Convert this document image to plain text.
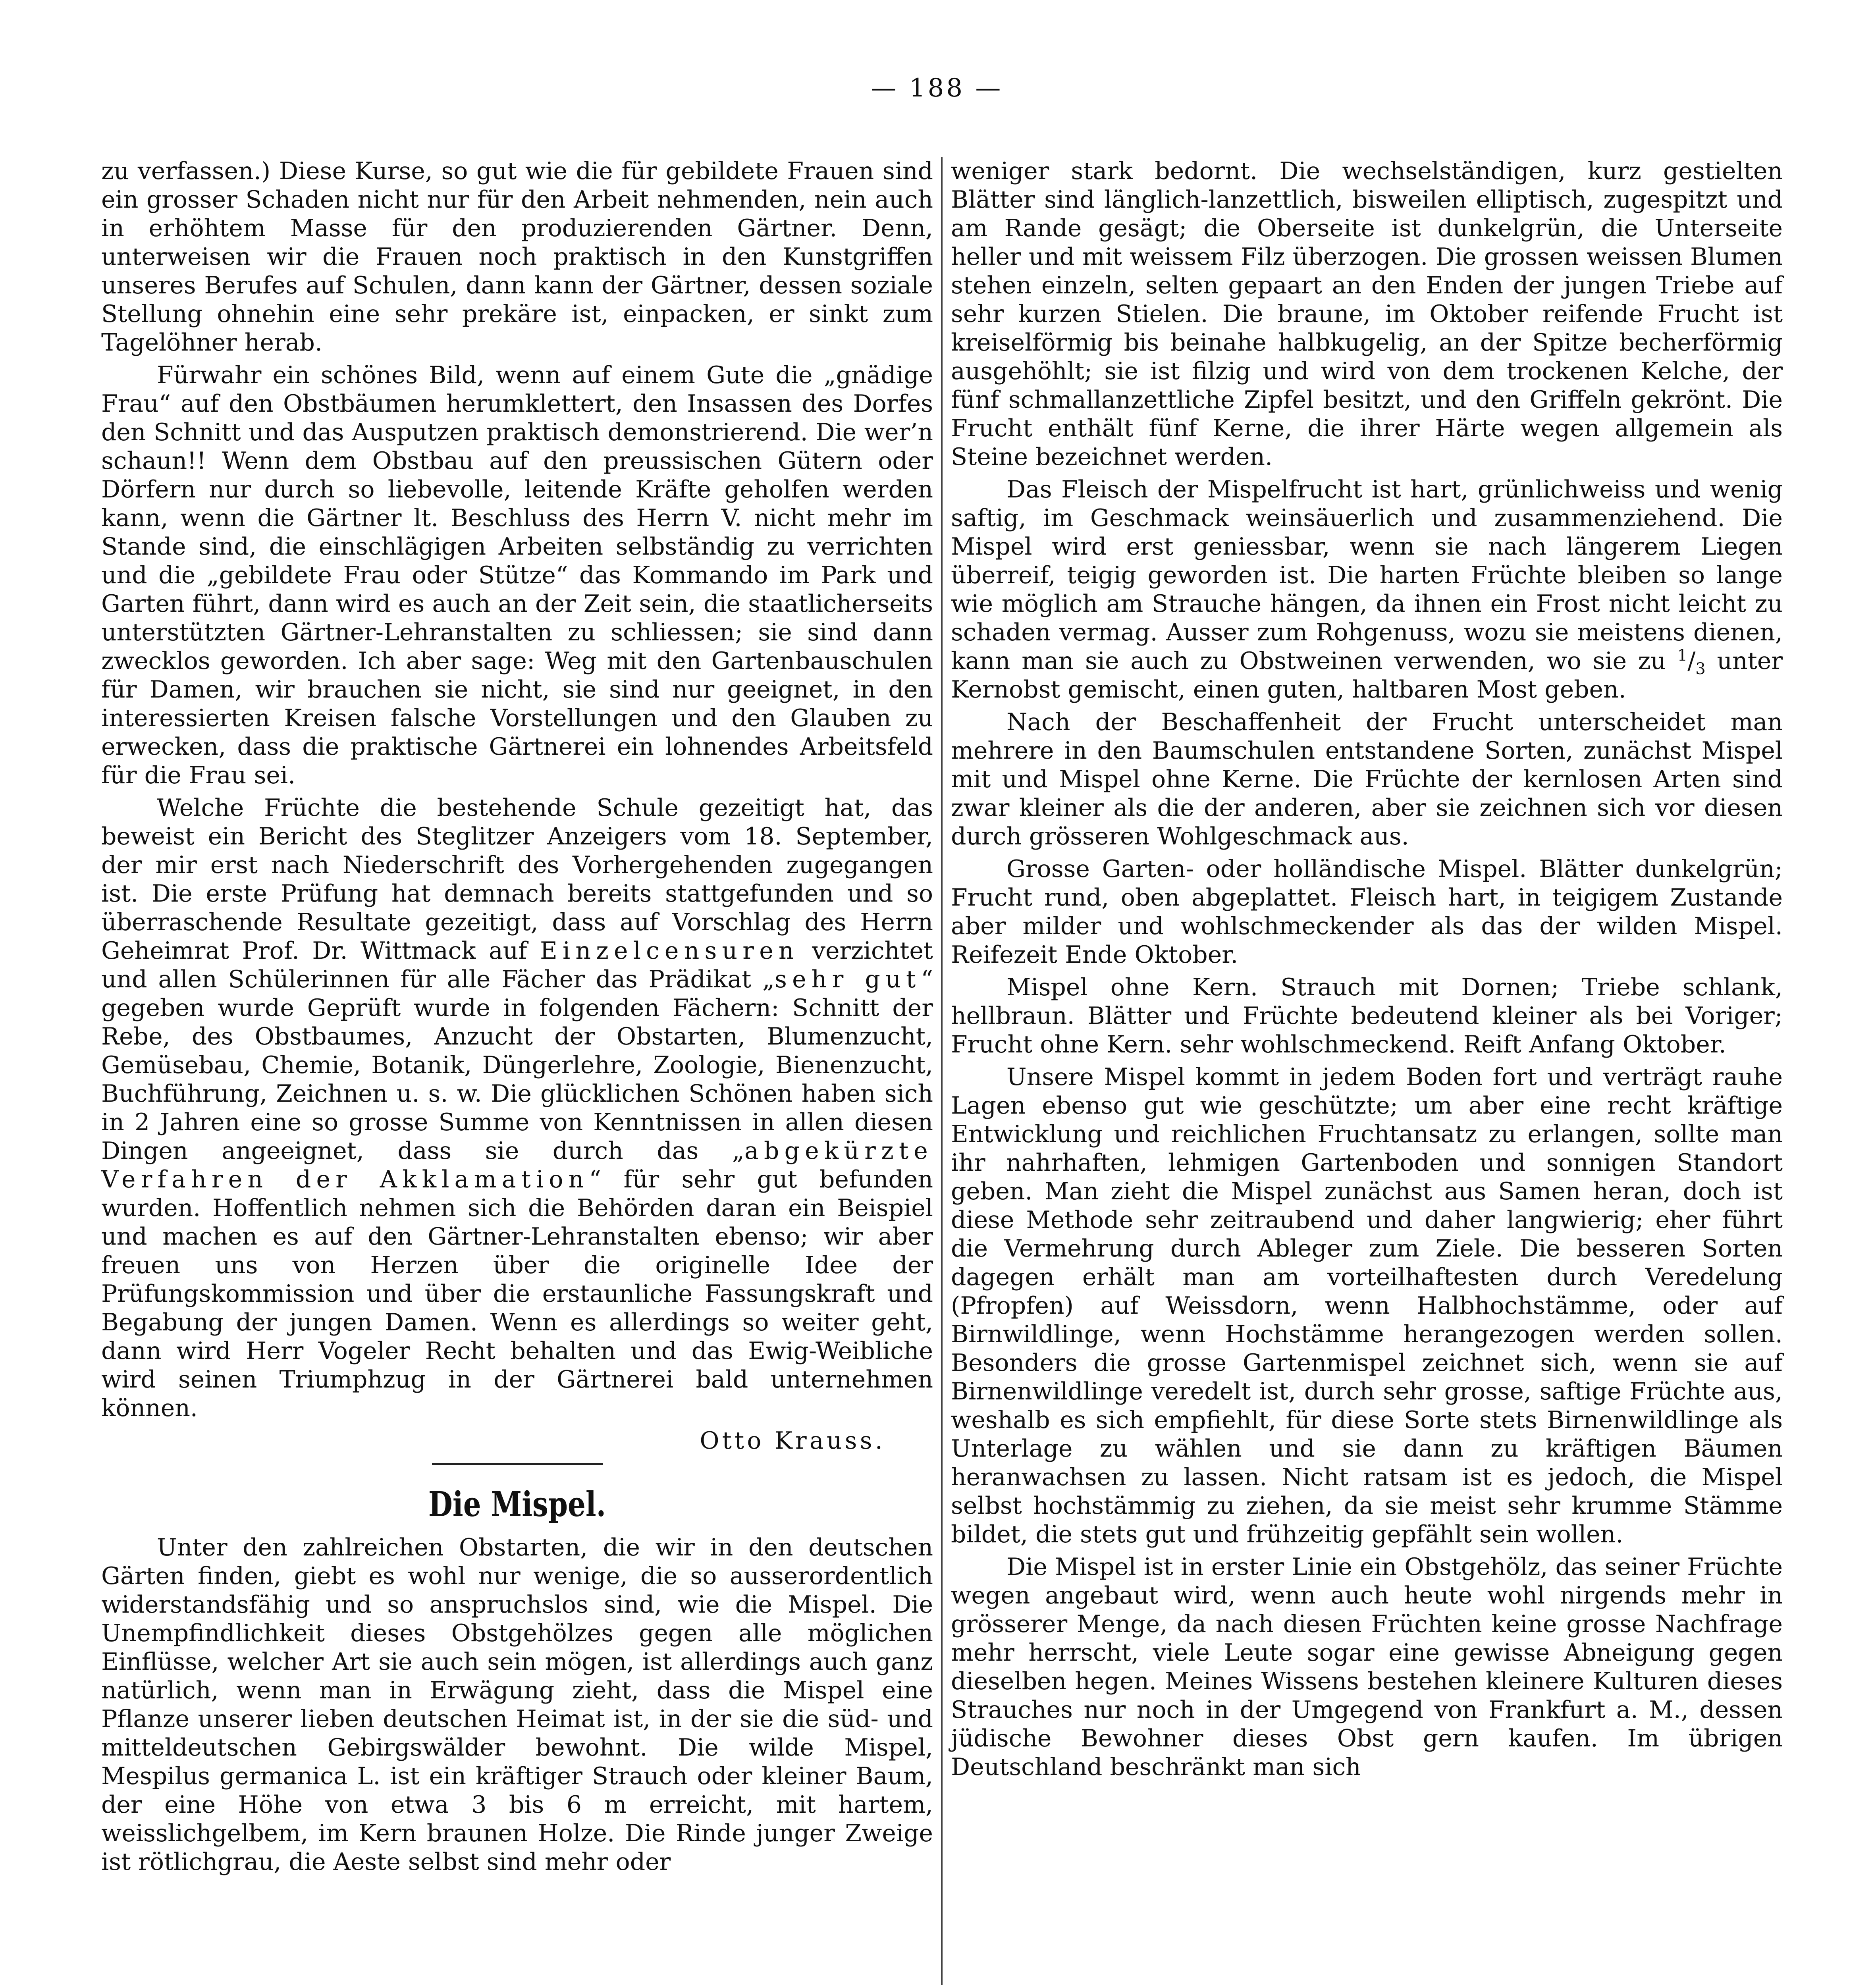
— 188 —

zu verfassen.) Diese Kurse, so gut wie die für gebildete Frauen sind ein grosser Schaden nicht nur für den Arbeit nehmenden, nein auch in erhöhtem Masse für den produzierenden Gärtner. Denn, unterweisen wir die Frauen noch praktisch in den Kunstgriffen unseres Berufes auf Schulen, dann kann der Gärtner, dessen soziale Stellung ohnehin eine sehr prekäre ist, einpacken, er sinkt zum Tagelöhner herab.

Fürwahr ein schönes Bild, wenn auf einem Gute die „gnädige Frau“ auf den Obstbäumen herumklettert, den Insassen des Dorfes den Schnitt und das Ausputzen praktisch demonstrierend. Die wer’n schaun!! Wenn dem Obstbau auf den preussischen Gütern oder Dörfern nur durch so liebevolle, leitende Kräfte geholfen werden kann, wenn die Gärtner lt. Beschluss des Herrn V. nicht mehr im Stande sind, die einschlägigen Arbeiten selbständig zu verrichten und die „gebildete Frau oder Stütze“ das Kommando im Park und Garten führt, dann wird es auch an der Zeit sein, die staatlicherseits unterstützten Gärtner-Lehranstalten zu schliessen; sie sind dann zwecklos geworden. Ich aber sage: Weg mit den Gartenbauschulen für Damen, wir brauchen sie nicht, sie sind nur geeignet, in den interessierten Kreisen falsche Vorstellungen und den Glauben zu erwecken, dass die praktische Gärtnerei ein lohnendes Arbeitsfeld für die Frau sei.

Welche Früchte die bestehende Schule gezeitigt hat, das beweist ein Bericht des Steglitzer Anzeigers vom 18. September, der mir erst nach Niederschrift des Vorhergehenden zugegangen ist. Die erste Prüfung hat demnach bereits stattgefunden und so überraschende Resultate gezeitigt, dass auf Vorschlag des Herrn Geheimrat Prof. Dr. Wittmack auf Einzelcensuren verzichtet und allen Schülerinnen für alle Fächer das Prädikat „sehr gut“ gegeben wurde Geprüft wurde in folgenden Fächern: Schnitt der Rebe, des Obstbaumes, Anzucht der Obstarten, Blumenzucht, Gemüsebau, Chemie, Botanik, Düngerlehre, Zoologie, Bienenzucht, Buchführung, Zeichnen u. s. w. Die glücklichen Schönen haben sich in 2 Jahren eine so grosse Summe von Kenntnissen in allen diesen Dingen angeeignet, dass sie durch das „abgekürzte Verfahren der Akklamation“ für sehr gut befunden wurden. Hoffentlich nehmen sich die Behörden daran ein Beispiel und machen es auf den Gärtner-Lehranstalten ebenso; wir aber freuen uns von Herzen über die originelle Idee der Prüfungskommission und über die erstaunliche Fassungskraft und Begabung der jungen Damen. Wenn es allerdings so weiter geht, dann wird Herr Vogeler Recht behalten und das Ewig-Weibliche wird seinen Triumphzug in der Gärtnerei bald unternehmen können.

Otto Krauss.

Die Mispel.

Unter den zahlreichen Obstarten, die wir in den deutschen Gärten finden, giebt es wohl nur wenige, die so ausserordentlich widerstandsfähig und so anspruchslos sind, wie die Mispel. Die Unempfindlichkeit dieses Obstgehölzes gegen alle möglichen Einflüsse, welcher Art sie auch sein mögen, ist allerdings auch ganz natürlich, wenn man in Erwägung zieht, dass die Mispel eine Pflanze unserer lieben deutschen Heimat ist, in der sie die süd- und mitteldeutschen Gebirgswälder bewohnt. Die wilde Mispel, Mespilus germanica L. ist ein kräftiger Strauch oder kleiner Baum, der eine Höhe von etwa 3 bis 6 m erreicht, mit hartem, weisslichgelbem, im Kern braunen Holze. Die Rinde junger Zweige ist rötlichgrau, die Aeste selbst sind mehr oder

weniger stark bedornt. Die wechselständigen, kurz gestielten Blätter sind länglich-lanzettlich, bisweilen elliptisch, zugespitzt und am Rande gesägt; die Oberseite ist dunkelgrün, die Unterseite heller und mit weissem Filz überzogen. Die grossen weissen Blumen stehen einzeln, selten gepaart an den Enden der jungen Triebe auf sehr kurzen Stielen. Die braune, im Oktober reifende Frucht ist kreiselförmig bis beinahe halbkugelig, an der Spitze becherförmig ausgehöhlt; sie ist filzig und wird von dem trockenen Kelche, der fünf schmallanzettliche Zipfel besitzt, und den Griffeln gekrönt. Die Frucht enthält fünf Kerne, die ihrer Härte wegen allgemein als Steine bezeichnet werden.

Das Fleisch der Mispelfrucht ist hart, grünlichweiss und wenig saftig, im Geschmack weinsäuerlich und zusammenziehend. Die Mispel wird erst geniessbar, wenn sie nach längerem Liegen überreif, teigig geworden ist. Die harten Früchte bleiben so lange wie möglich am Strauche hängen, da ihnen ein Frost nicht leicht zu schaden vermag. Ausser zum Rohgenuss, wozu sie meistens dienen, kann man sie auch zu Obstweinen verwenden, wo sie zu $^1/_3$ unter Kernobst gemischt, einen guten, haltbaren Most geben.

Nach der Beschaffenheit der Frucht unterscheidet man mehrere in den Baumschulen entstandene Sorten, zunächst Mispel mit und Mispel ohne Kerne. Die Früchte der kernlosen Arten sind zwar kleiner als die der anderen, aber sie zeichnen sich vor diesen durch grösseren Wohlgeschmack aus.

Grosse Garten- oder holländische Mispel. Blätter dunkelgrün; Frucht rund, oben abgeplattet. Fleisch hart, in teigigem Zustande aber milder und wohlschmeckender als das der wilden Mispel. Reifezeit Ende Oktober.

Mispel ohne Kern. Strauch mit Dornen; Triebe schlank, hellbraun. Blätter und Früchte bedeutend kleiner als bei Voriger; Frucht ohne Kern. sehr wohlschmeckend. Reift Anfang Oktober.

Unsere Mispel kommt in jedem Boden fort und verträgt rauhe Lagen ebenso gut wie geschützte; um aber eine recht kräftige Entwicklung und reichlichen Fruchtansatz zu erlangen, sollte man ihr nahrhaften, lehmigen Gartenboden und sonnigen Standort geben. Man zieht die Mispel zunächst aus Samen heran, doch ist diese Methode sehr zeitraubend und daher langwierig; eher führt die Vermehrung durch Ableger zum Ziele. Die besseren Sorten dagegen erhält man am vorteilhaftesten durch Veredelung (Pfropfen) auf Weissdorn, wenn Halbhochstämme, oder auf Birnwildlinge, wenn Hochstämme herangezogen werden sollen. Besonders die grosse Gartenmispel zeichnet sich, wenn sie auf Birnenwildlinge veredelt ist, durch sehr grosse, saftige Früchte aus, weshalb es sich empfiehlt, für diese Sorte stets Birnenwildlinge als Unterlage zu wählen und sie dann zu kräftigen Bäumen heranwachsen zu lassen. Nicht ratsam ist es jedoch, die Mispel selbst hochstämmig zu ziehen, da sie meist sehr krumme Stämme bildet, die stets gut und frühzeitig gepfählt sein wollen.

Die Mispel ist in erster Linie ein Obstgehölz, das seiner Früchte wegen angebaut wird, wenn auch heute wohl nirgends mehr in grösserer Menge, da nach diesen Früchten keine grosse Nachfrage mehr herrscht, viele Leute sogar eine gewisse Abneigung gegen dieselben hegen. Meines Wissens bestehen kleinere Kulturen dieses Strauches nur noch in der Umgegend von Frankfurt a. M., dessen jüdische Bewohner dieses Obst gern kaufen. Im übrigen Deutschland beschränkt man sich
